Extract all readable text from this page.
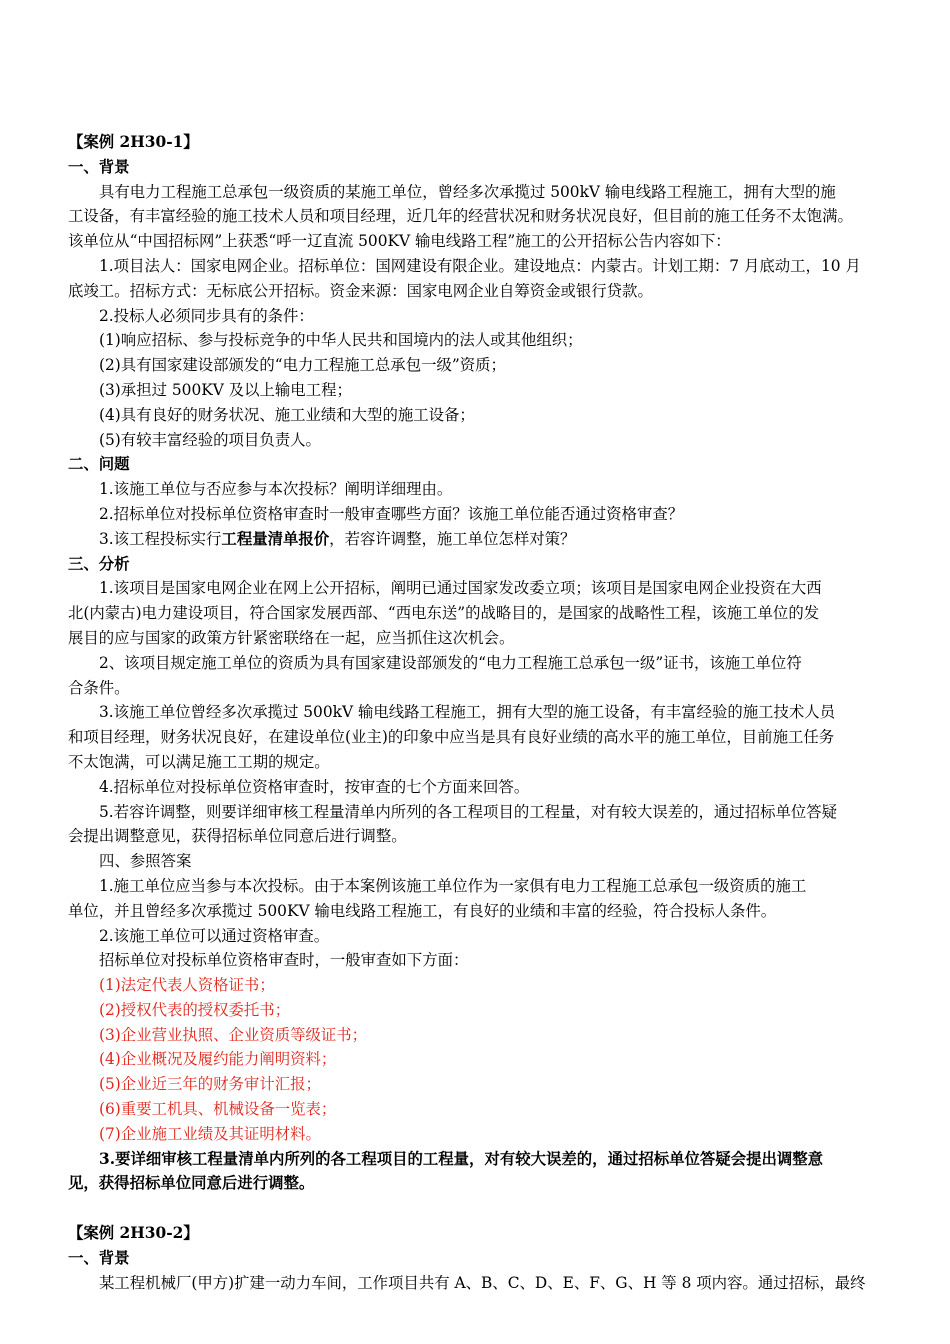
【案例 2H30-1】
一、背景
具有电力工程施工总承包一级资质的某施工单位，曾经多次承揽过 500kV 输电线路工程施工，拥有大型的施
工设备，有丰富经验的施工技术人员和项目经理，近几年的经营状况和财务状况良好，但目前的施工任务不太饱满。
该单位从“中国招标网”上获悉“呼一辽直流 500KV 输电线路工程”施工的公开招标公告内容如下：
1.项目法人：国家电网企业。招标单位：国网建设有限企业。建设地点：内蒙古。计划工期：7 月底动工，10 月
底竣工。招标方式：无标底公开招标。资金来源：国家电网企业自筹资金或银行贷款。
2.投标人必须同步具有的条件：
(1)响应招标、参与投标竞争的中华人民共和国境内的法人或其他组织；
(2)具有国家建设部颁发的“电力工程施工总承包一级”资质；
(3)承担过 500KV 及以上输电工程；
(4)具有良好的财务状况、施工业绩和大型的施工设备；
(5)有较丰富经验的项目负责人。
二、问题
1.该施工单位与否应参与本次投标？阐明详细理由。
2.招标单位对投标单位资格审查时一般审查哪些方面？该施工单位能否通过资格审查？
3.该工程投标实行工程量清单报价，若容许调整，施工单位怎样对策？
三、分析
1.该项目是国家电网企业在网上公开招标，阐明已通过国家发改委立项；该项目是国家电网企业投资在大西
北(内蒙古)电力建设项目，符合国家发展西部、“西电东送”的战略目的，是国家的战略性工程，该施工单位的发
展目的应与国家的政策方针紧密联络在一起，应当抓住这次机会。
2、该项目规定施工单位的资质为具有国家建设部颁发的“电力工程施工总承包一级”证书，该施工单位符
合条件。
3.该施工单位曾经多次承揽过 500kV 输电线路工程施工，拥有大型的施工设备，有丰富经验的施工技术人员
和项目经理，财务状况良好，在建设单位(业主)的印象中应当是具有良好业绩的高水平的施工单位，目前施工任务
不太饱满，可以满足施工工期的规定。
4.招标单位对投标单位资格审查时，按审查的七个方面来回答。
5.若容许调整，则要详细审核工程量清单内所列的各工程项目的工程量，对有较大误差的，通过招标单位答疑
会提出调整意见，获得招标单位同意后进行调整。
四、参照答案
1.施工单位应当参与本次投标。由于本案例该施工单位作为一家俱有电力工程施工总承包一级资质的施工
单位，并且曾经多次承揽过 500KV 输电线路工程施工，有良好的业绩和丰富的经验，符合投标人条件。
2.该施工单位可以通过资格审查。
招标单位对投标单位资格审查时，一般审查如下方面：
(1)法定代表人资格证书；
(2)授权代表的授权委托书；
(3)企业营业执照、企业资质等级证书；
(4)企业概况及履约能力阐明资料；
(5)企业近三年的财务审计汇报；
(6)重要工机具、机械设备一览表；
(7)企业施工业绩及其证明材料。
3.要详细审核工程量清单内所列的各工程项目的工程量，对有较大误差的，通过招标单位答疑会提出调整意
见，获得招标单位同意后进行调整。
【案例 2H30-2】
一、背景
某工程机械厂(甲方)扩建一动力车间，工作项目共有 A、B、C、D、E、F、G、H 等 8 项内容。通过招标，最终
